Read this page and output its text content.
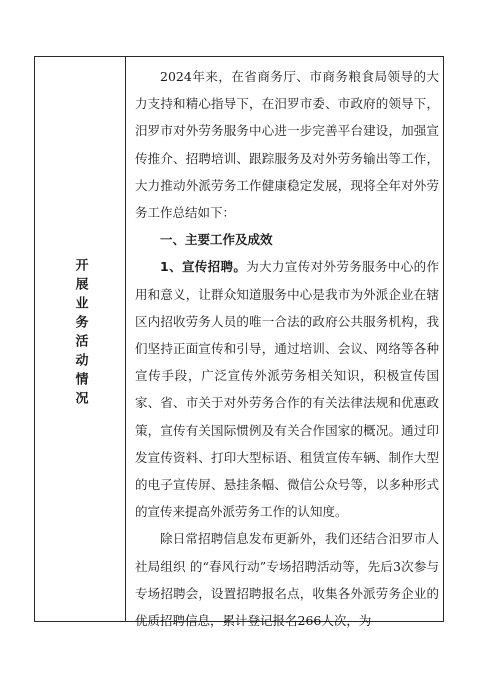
开展业务活动情况

2024年来，在省商务厅、市商务粮食局领导的大力支持和精心指导下，在汨罗市委、市政府的领导下，汨罗市对外劳务服务中心进一步完善平台建设，加强宣传推介、招聘培训、跟踪服务及对外劳务输出等工作，大力推动外派劳务工作健康稳定发展，现将全年对外劳务工作总结如下：

一、主要工作及成效

1、宣传招聘。为大力宣传对外劳务服务中心的作用和意义，让群众知道服务中心是我市为外派企业在辖区内招收劳务人员的唯一合法的政府公共服务机构，我们坚持正面宣传和引导，通过培训、会议、网络等各种宣传手段，广泛宣传外派劳务相关知识，积极宣传国家、省、市关于对外劳务合作的有关法律法规和优惠政策，宣传有关国际惯例及有关合作国家的概况。通过印发宣传资料、打印大型标语、租赁宣传车辆、制作大型的电子宣传屏、悬挂条幅、微信公众号等，以多种形式的宣传来提高外派劳务工作的认知度。

除日常招聘信息发布更新外，我们还结合汨罗市人社局组织 的“春风行动”专场招聘活动等，先后3次参与专场招聘会，设置招聘报名点，收集各外派劳务企业的优质招聘信息，累计登记报名266人次，为
